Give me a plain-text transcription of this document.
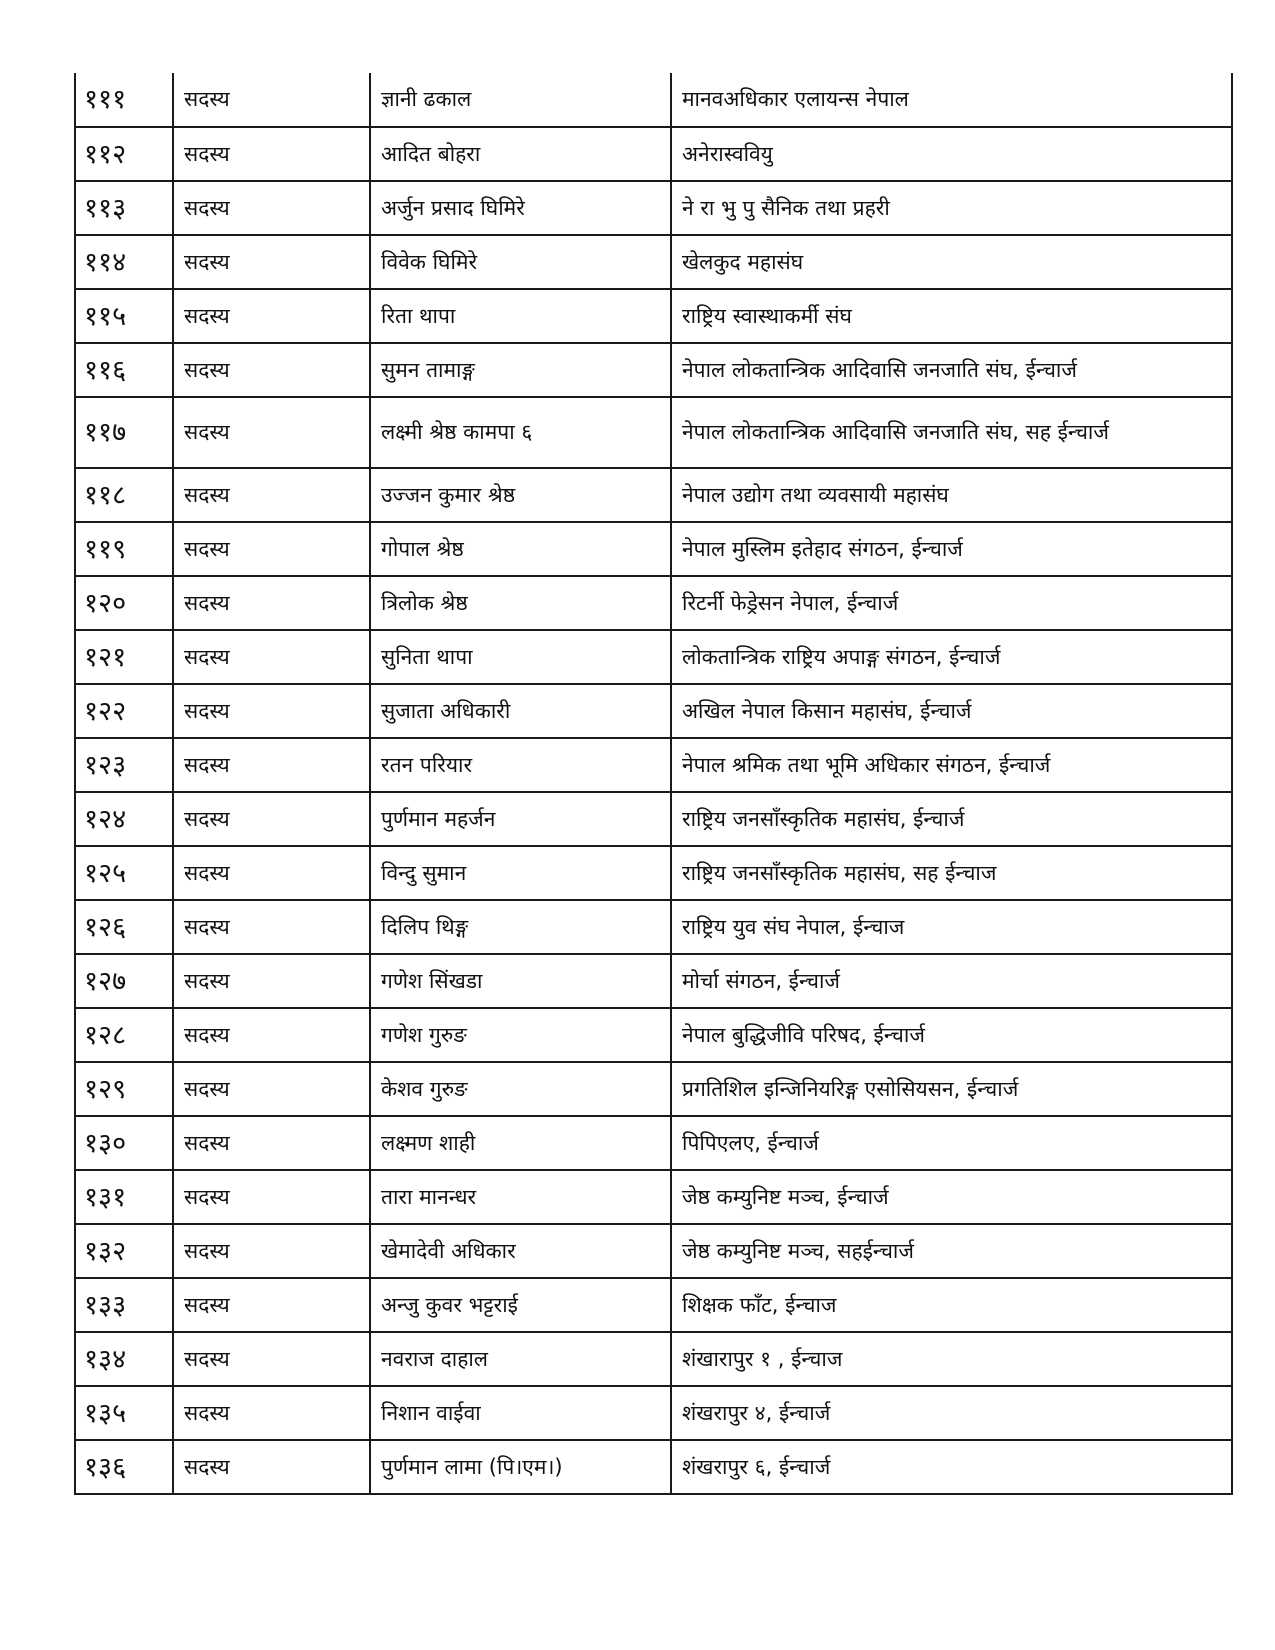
१११	सदस्य	ज्ञानी ढकाल	मानवअधिकार एलायन्स नेपाल
११२	सदस्य	आदित बोहरा	अनेरास्ववियु
११३	सदस्य	अर्जुन प्रसाद घिमिरे	ने रा भु पु सैनिक तथा प्रहरी
११४	सदस्य	विवेक घिमिरे	खेलकुद महासंघ
११५	सदस्य	रिता थापा	राष्ट्रिय स्वास्थाकर्मी संघ
११६	सदस्य	सुमन तामाङ्ग	नेपाल लोकतान्त्रिक आदिवासि जनजाति संघ, ईन्चार्ज
११७	सदस्य	लक्ष्मी श्रेष्ठ कामपा ६	नेपाल लोकतान्त्रिक आदिवासि जनजाति संघ, सह ईन्चार्ज
११८	सदस्य	उज्जन कुमार श्रेष्ठ	नेपाल उद्योग तथा व्यवसायी महासंघ
११९	सदस्य	गोपाल श्रेष्ठ	नेपाल मुस्लिम इतेहाद संगठन, ईन्चार्ज
१२०	सदस्य	त्रिलोक श्रेष्ठ	रिटर्नी फेड्रेसन नेपाल, ईन्चार्ज
१२१	सदस्य	सुनिता थापा	लोकतान्त्रिक राष्ट्रिय अपाङ्ग संगठन, ईन्चार्ज
१२२	सदस्य	सुजाता अधिकारी	अखिल नेपाल किसान महासंघ, ईन्चार्ज
१२३	सदस्य	रतन परियार	नेपाल श्रमिक तथा भूमि अधिकार संगठन, ईन्चार्ज
१२४	सदस्य	पुर्णमान महर्जन	राष्ट्रिय जनसाँस्कृतिक महासंघ, ईन्चार्ज
१२५	सदस्य	विन्दु सुमान	राष्ट्रिय जनसाँस्कृतिक महासंघ, सह ईन्चाज
१२६	सदस्य	दिलिप थिङ्ग	राष्ट्रिय युव संघ नेपाल, ईन्चाज
१२७	सदस्य	गणेश सिंखडा	मोर्चा संगठन, ईन्चार्ज
१२८	सदस्य	गणेश गुरुङ	नेपाल बुद्धिजीवि परिषद, ईन्चार्ज
१२९	सदस्य	केशव गुरुङ	प्रगतिशिल इन्जिनियरिङ्ग एसोसियसन, ईन्चार्ज
१३०	सदस्य	लक्ष्मण शाही	पिपिएलए, ईन्चार्ज
१३१	सदस्य	तारा मानन्धर	जेष्ठ कम्युनिष्ट मञ्च, ईन्चार्ज
१३२	सदस्य	खेमादेवी अधिकार	जेष्ठ कम्युनिष्ट मञ्च, सहईन्चार्ज
१३३	सदस्य	अन्जु कुवर भट्टराई	शिक्षक फाँट, ईन्चाज
१३४	सदस्य	नवराज दाहाल	शंखारापुर १ , ईन्चाज
१३५	सदस्य	निशान वाईवा	शंखरापुर ४, ईन्चार्ज
१३६	सदस्य	पुर्णमान लामा (पि।एम।)	शंखरापुर ६, ईन्चार्ज
